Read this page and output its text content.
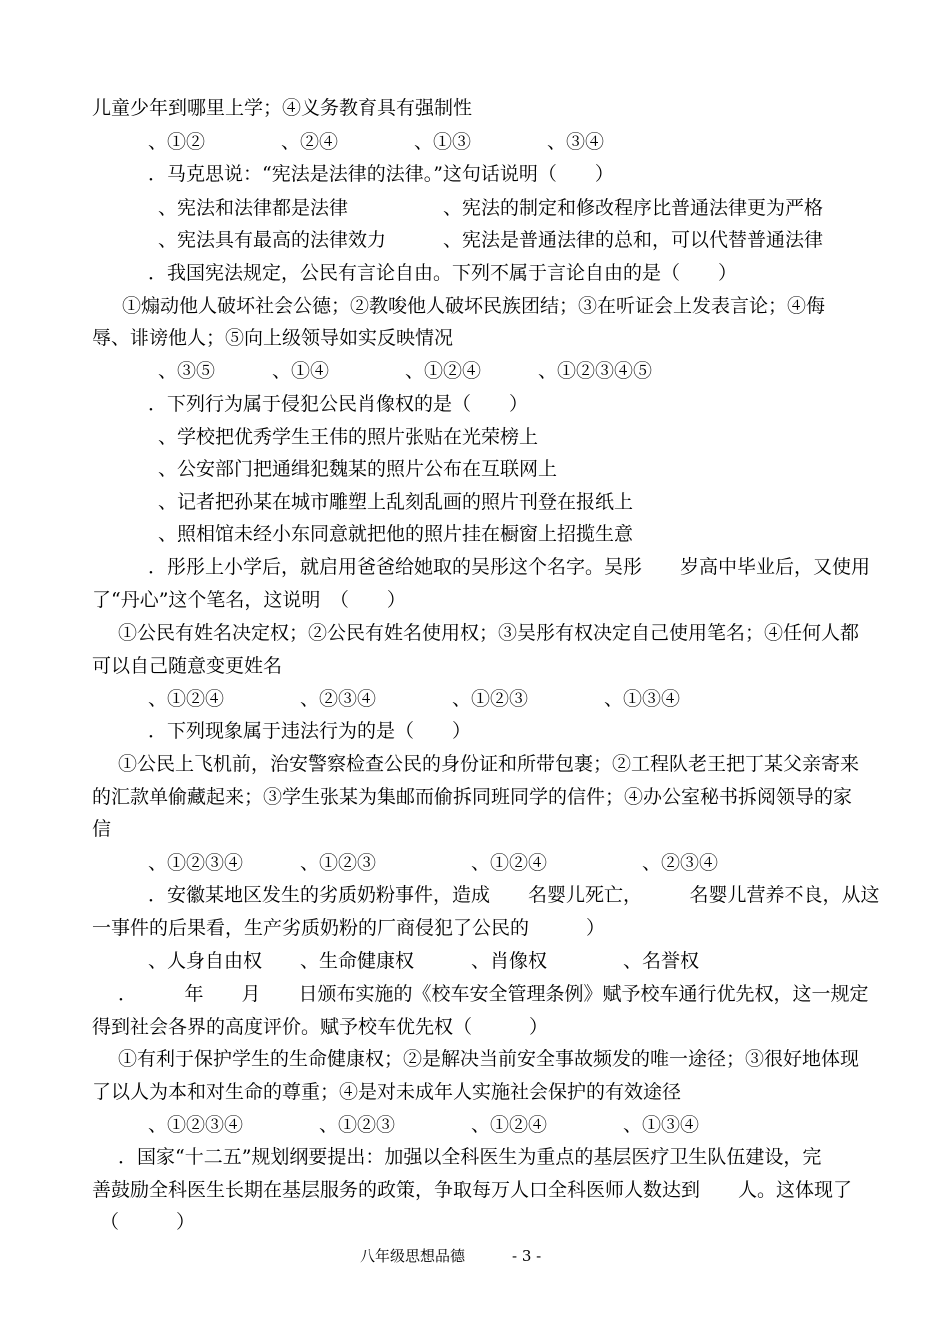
儿童少年到哪里上学；④义务教育具有强制性
、①②　　　　、②④　　　　、①③　　　　、③④
．马克思说：“宪法是法律的法律。”这句话说明（　　）
、宪法和法律都是法律　　　　　、宪法的制定和修改程序比普通法律更为严格
、宪法具有最高的法律效力　　　、宪法是普通法律的总和，可以代替普通法律
．我国宪法规定，公民有言论自由。下列不属于言论自由的是（　　）
①煽动他人破坏社会公德；②教唆他人破坏民族团结；③在听证会上发表言论；④侮
辱、诽谤他人；⑤向上级领导如实反映情况
、③⑤　　　、①④　　　　、①②④　　　、①②③④⑤
．下列行为属于侵犯公民肖像权的是（　　）
、学校把优秀学生王伟的照片张贴在光荣榜上
、公安部门把通缉犯魏某的照片公布在互联网上
、记者把孙某在城市雕塑上乱刻乱画的照片刊登在报纸上
、照相馆未经小东同意就把他的照片挂在橱窗上招揽生意
．彤彤上小学后，就启用爸爸给她取的吴彤这个名字。吴彤　　岁高中毕业后，又使用
了“丹心”这个笔名，这说明　（　　）
①公民有姓名决定权；②公民有姓名使用权；③吴彤有权决定自己使用笔名；④任何人都
可以自己随意变更姓名
、①②④　　　　、②③④　　　　、①②③　　　　、①③④
．下列现象属于违法行为的是（　　）
①公民上飞机前，治安警察检查公民的身份证和所带包裹；②工程队老王把丁某父亲寄来
的汇款单偷藏起来；③学生张某为集邮而偷拆同班同学的信件；④办公室秘书拆阅领导的家
信
、①②③④　　　、①②③　　　　　、①②④　　　　　、②③④
．安徽某地区发生的劣质奶粉事件，造成　　名婴儿死亡，　　　名婴儿营养不良，从这
一事件的后果看，生产劣质奶粉的厂商侵犯了公民的　　　）
、人身自由权　　、生命健康权　　　、肖像权　　　　、名誉权
．　　　年　　月　　日颁布实施的《校车安全管理条例》赋予校车通行优先权，这一规定
得到社会各界的高度评价。赋予校车优先权（　　　）
①有利于保护学生的生命健康权；②是解决当前安全事故频发的唯一途径；③很好地体现
了以人为本和对生命的尊重；④是对未成年人实施社会保护的有效途径
、①②③④　　　　、①②③　　　　、①②④　　　　、①③④
．国家“十二五”规划纲要提出：加强以全科医生为重点的基层医疗卫生队伍建设，完
善鼓励全科医生长期在基层服务的政策，争取每万人口全科医师人数达到　　人。这体现了
（　　　）
八年级思想品德	- 3 -
